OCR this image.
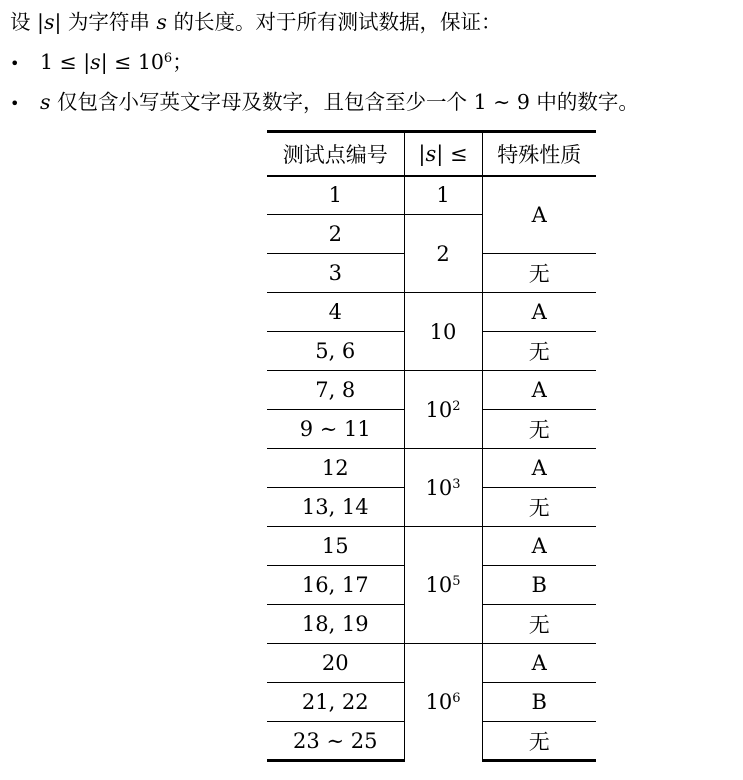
设 |s| 为字符串 s 的长度。对于所有测试数据，保证：
• $1 \le |s| \le 10^6$；
• s 仅包含小写英文字母及数字，且包含至少一个 1 ∼ 9 中的数字。
测试点编号	|s| ≤	特殊性质
1	1	A
2	2	
3		无
4	10	A
5, 6		无
7, 8	$10^2$	A
9 ∼ 11		无
12	$10^3$	A
13, 14		无
15	$10^5$	A
16, 17		B
18, 19		无
20	$10^6$	A
21, 22		B
23 ∼ 25		无
